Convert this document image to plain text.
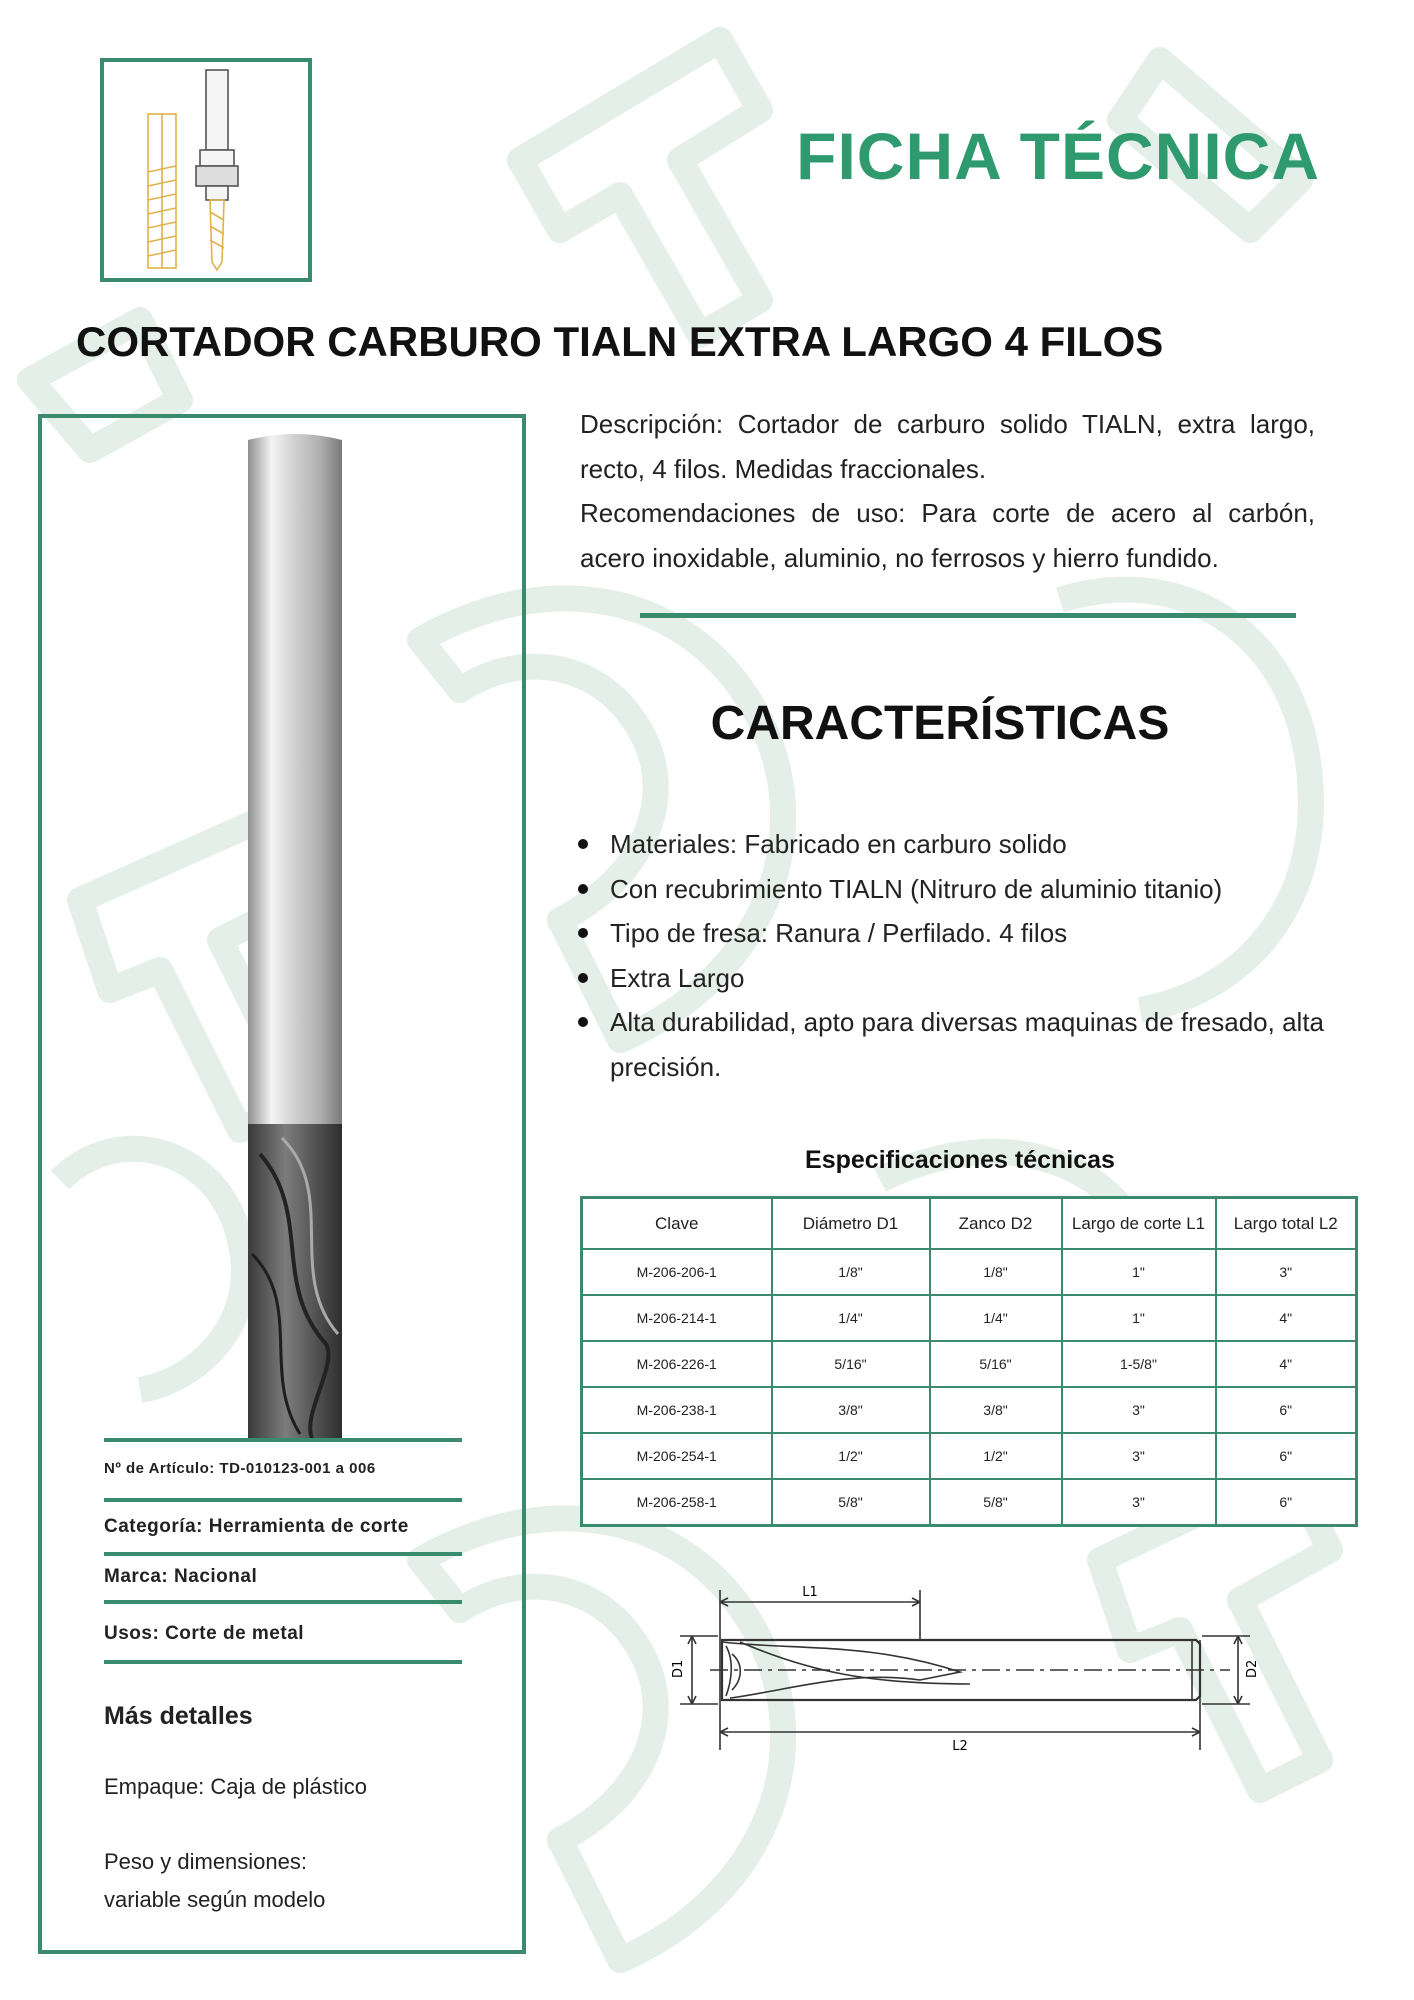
FICHA TÉCNICA
CORTADOR CARBURO TIALN EXTRA LARGO 4 FILOS
Nº de Artículo: TD-010123-001 a 006
Categoría: Herramienta de corte
Marca: Nacional
Usos: Corte de metal
Más detalles
Empaque: Caja de plástico
Peso y dimensiones:
variable según modelo

Descripción: Cortador de carburo solido TIALN, extra largo, recto, 4 filos. Medidas fraccionales.

Recomendaciones de uso: Para corte de acero al carbón, acero inoxidable, aluminio, no ferrosos y hierro fundido.

CARACTERÍSTICAS
Materiales: Fabricado en carburo solido
Con recubrimiento TIALN (Nitruro de aluminio titanio)
Tipo de fresa: Ranura / Perfilado. 4 filos
Extra Largo
Alta durabilidad, apto para diversas maquinas de fresado, alta precisión.
Especificaciones técnicas
Clave	Diámetro D1	Zanco D2	Largo de corte L1	Largo total L2
M-206-206-1	1/8"	1/8"	1"	3"
M-206-214-1	1/4"	1/4"	1"	4"
M-206-226-1	5/16"	5/16"	1-5/8"	4"
M-206-238-1	3/8"	3/8"	3"	6"
M-206-254-1	1/2"	1/2"	3"	6"
M-206-258-1	5/8"	5/8"	3"	6"
L1
L2
D1	D2
